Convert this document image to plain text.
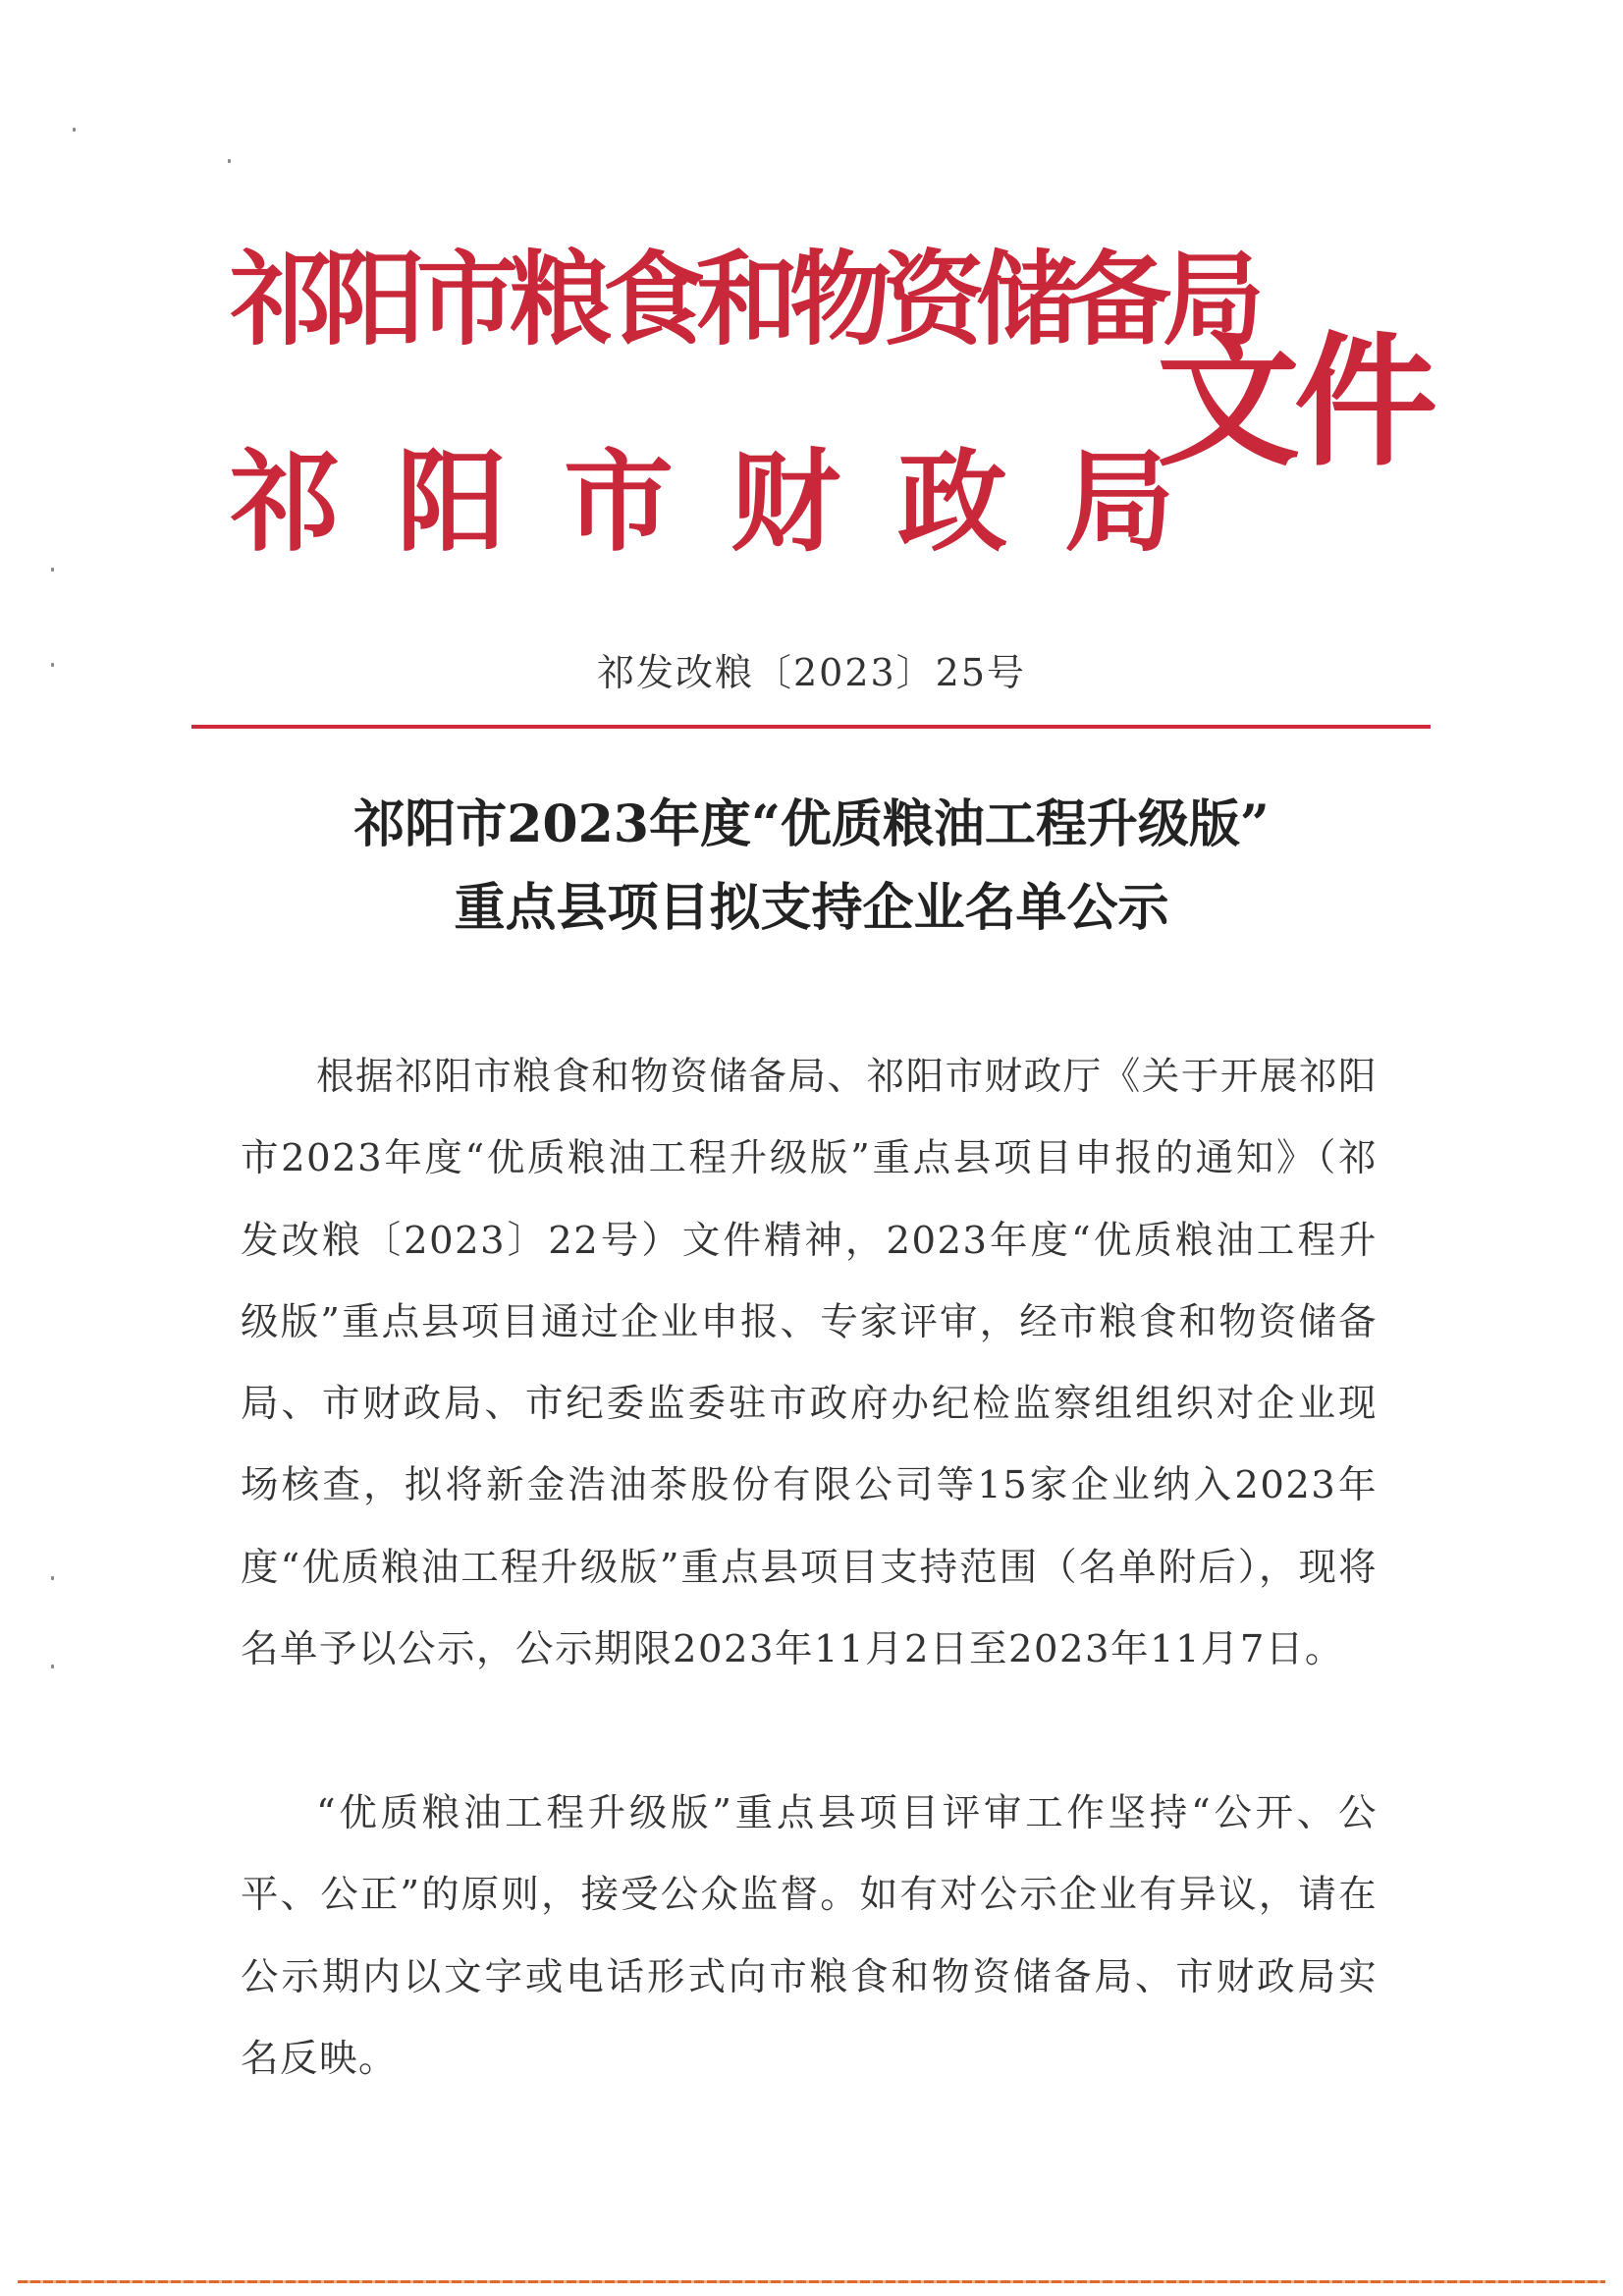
祁阳市粮食和物资储备局
祁阳市财政局
文件
祁发改粮〔2023〕25号
祁阳市2023年度“优质粮油工程升级版”
重点县项目拟支持企业名单公示

根据祁阳市粮食和物资储备局、祁阳市财政厅《关于开展祁阳市2023年度“优质粮油工程升级版”重点县项目申报的通知》（祁发改粮〔2023〕22号）文件精神，2023年度“优质粮油工程升级版”重点县项目通过企业申报、专家评审，经市粮食和物资储备局、市财政局、市纪委监委驻市政府办纪检监察组组织对企业现场核查，拟将新金浩油茶股份有限公司等15家企业纳入2023年度“优质粮油工程升级版”重点县项目支持范围（名单附后），现将名单予以公示，公示期限2023年11月2日至2023年11月7日。

“优质粮油工程升级版”重点县项目评审工作坚持“公开、公平、公正”的原则，接受公众监督。如有对公示企业有异议，请在公示期内以文字或电话形式向市粮食和物资储备局、市财政局实名反映。
